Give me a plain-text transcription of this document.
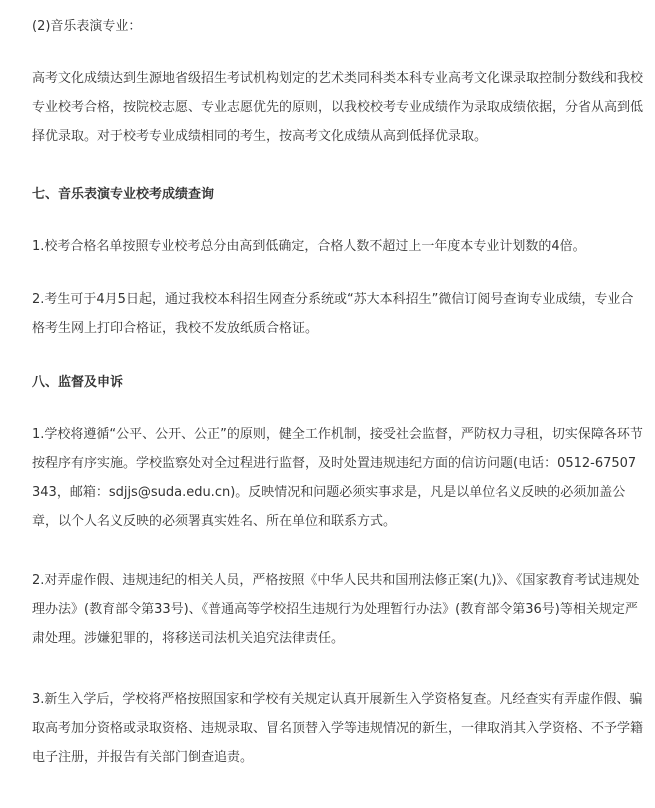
(2)音乐表演专业：

高考文化成绩达到生源地省级招生考试机构划定的艺术类同科类本科专业高考文化课录取控制分数线和我校专业校考合格，按院校志愿、专业志愿优先的原则，以我校校考专业成绩作为录取成绩依据，分省从高到低择优录取。对于校考专业成绩相同的考生，按高考文化成绩从高到低择优录取。

七、音乐表演专业校考成绩查询

1.校考合格名单按照专业校考总分由高到低确定，合格人数不超过上一年度本专业计划数的4倍。

2.考生可于4月5日起，通过我校本科招生网查分系统或“苏大本科招生”微信订阅号查询专业成绩，专业合格考生网上打印合格证，我校不发放纸质合格证。

八、监督及申诉

1.学校将遵循“公平、公开、公正”的原则，健全工作机制，接受社会监督，严防权力寻租，切实保障各环节按程序有序实施。学校监察处对全过程进行监督，及时处置违规违纪方面的信访问题(电话：0512-67507343，邮箱：sdjjs@suda.edu.cn)。反映情况和问题必须实事求是，凡是以单位名义反映的必须加盖公章，以个人名义反映的必须署真实姓名、所在单位和联系方式。

2.对弄虚作假、违规违纪的相关人员，严格按照《中华人民共和国刑法修正案(九)》、《国家教育考试违规处理办法》(教育部令第33号)、《普通高等学校招生违规行为处理暂行办法》(教育部令第36号)等相关规定严肃处理。涉嫌犯罪的，将移送司法机关追究法律责任。

3.新生入学后，学校将严格按照国家和学校有关规定认真开展新生入学资格复查。凡经查实有弄虚作假、骗取高考加分资格或录取资格、违规录取、冒名顶替入学等违规情况的新生，一律取消其入学资格、不予学籍电子注册，并报告有关部门倒查追责。
